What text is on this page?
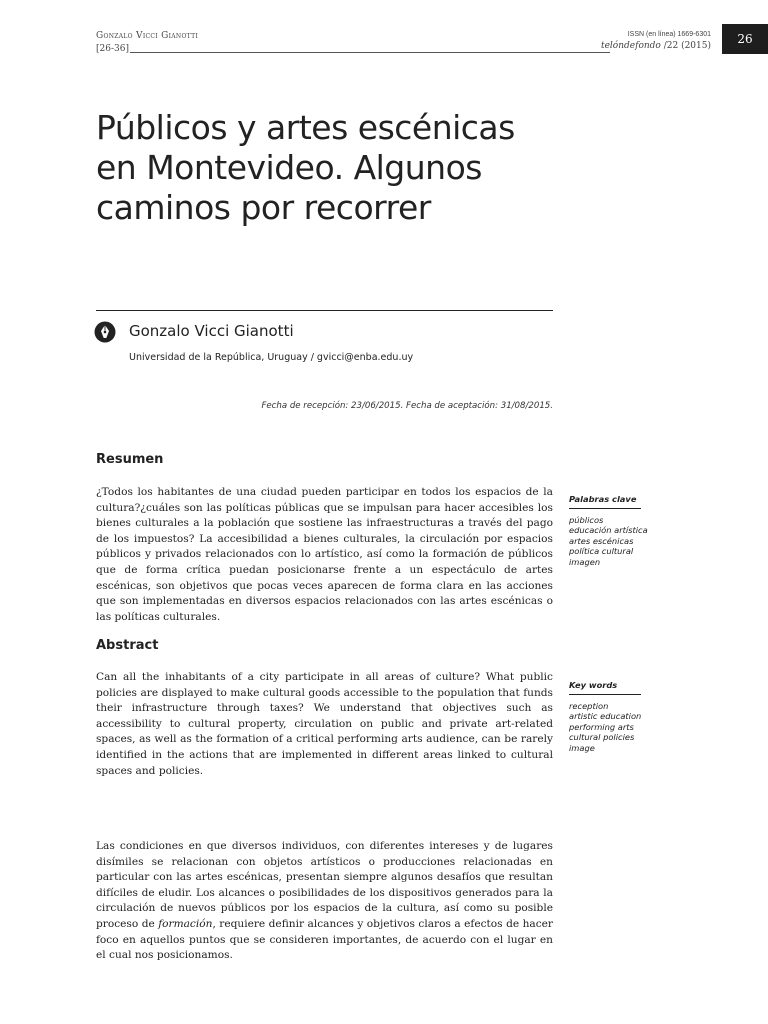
Gonzalo Vicci Gianotti
[26-36]
ISSN (en línea) 1669-6301
telóndefondo /22 (2015)	26
Públicos y artes escénicas en Montevideo. Algunos caminos por recorrer
Gonzalo Vicci Gianotti
Universidad de la República, Uruguay / gvicci@enba.edu.uy
Fecha de recepción: 23/06/2015. Fecha de aceptación: 31/08/2015.
Resumen

¿Todos los habitantes de una ciudad pueden participar en todos los espacios de la cultura?¿cuáles son las políticas públicas que se impulsan para hacer accesibles los bienes culturales a la población que sostiene las infraestructuras a través del pago de los impuestos? La accesibilidad a bienes culturales, la circulación por espacios públicos y privados relacionados con lo artístico, así como la formación de públicos que de forma crítica puedan posicionarse frente a un espectáculo de artes escénicas, son objetivos que pocas veces aparecen de forma clara en las acciones que son implementadas en diversos espacios relacionados con las artes escénicas o las políticas culturales.

Palabras clave
públicos
educación artística
artes escénicas
política cultural
imagen
Abstract

Can all the inhabitants of a city participate in all areas of culture? What public policies are displayed to make cultural goods accessible to the population that funds their infrastructure through taxes? We understand that objectives such as accessibility to cultural property, circulation on public and private art-related spaces, as well as the formation of a critical performing arts audience, can be rarely identified in the actions that are implemented in different areas linked to cultural spaces and policies.

Key words
reception
artistic education
performing arts
cultural policies
image

Las condiciones en que diversos individuos, con diferentes intereses y de lugares disímiles se relacionan con objetos artísticos o producciones relacionadas en particular con las artes escénicas, presentan siempre algunos desafíos que resultan difíciles de eludir. Los alcances o posibilidades de los dispositivos generados para la circulación de nuevos públicos por los espacios de la cultura, así como su posible proceso de formación, requiere definir alcances y objetivos claros a efectos de hacer foco en aquellos puntos que se consideren importantes, de acuerdo con el lugar en el cual nos posicionamos.
